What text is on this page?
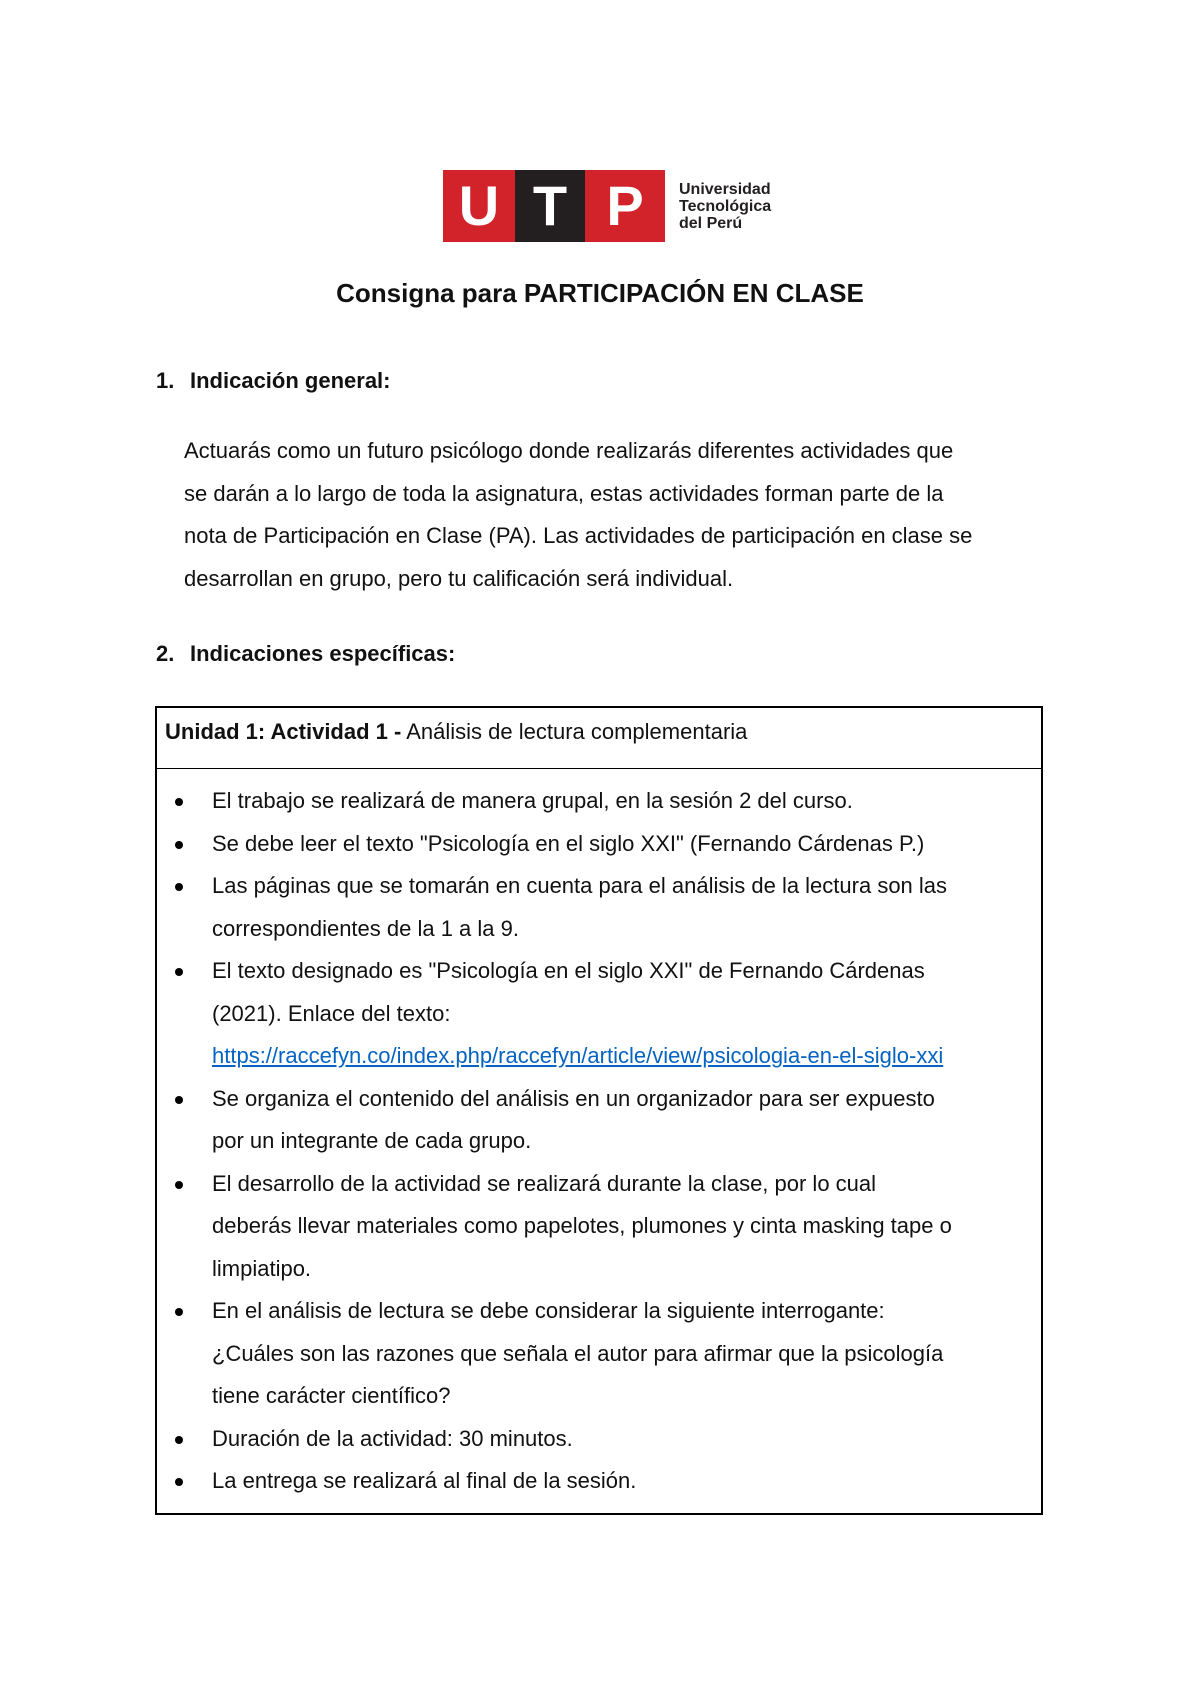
U T P Universidad
Tecnológica
del Perú
Consigna para PARTICIPACIÓN EN CLASE
1. Indicación general:

Actuarás como un futuro psicólogo donde realizarás diferentes actividades que
se darán a lo largo de toda la asignatura, estas actividades forman parte de la
nota de Participación en Clase (PA). Las actividades de participación en clase se
desarrollan en grupo, pero tu calificación será individual.

2. Indicaciones específicas:
Unidad 1: Actividad 1 - Análisis de lectura complementaria
El trabajo se realizará de manera grupal, en la sesión 2 del curso.
Se debe leer el texto "Psicología en el siglo XXI" (Fernando Cárdenas P.)
Las páginas que se tomarán en cuenta para el análisis de la lectura son las
correspondientes de la 1 a la 9.
El texto designado es "Psicología en el siglo XXI" de Fernando Cárdenas
(2021). Enlace del texto:
https://raccefyn.co/index.php/raccefyn/article/view/psicologia-en-el-siglo-xxi
Se organiza el contenido del análisis en un organizador para ser expuesto
por un integrante de cada grupo.
El desarrollo de la actividad se realizará durante la clase, por lo cual
deberás llevar materiales como papelotes, plumones y cinta masking tape o
limpiatipo.
En el análisis de lectura se debe considerar la siguiente interrogante:
¿Cuáles son las razones que señala el autor para afirmar que la psicología
tiene carácter científico?
Duración de la actividad: 30 minutos.
La entrega se realizará al final de la sesión.
